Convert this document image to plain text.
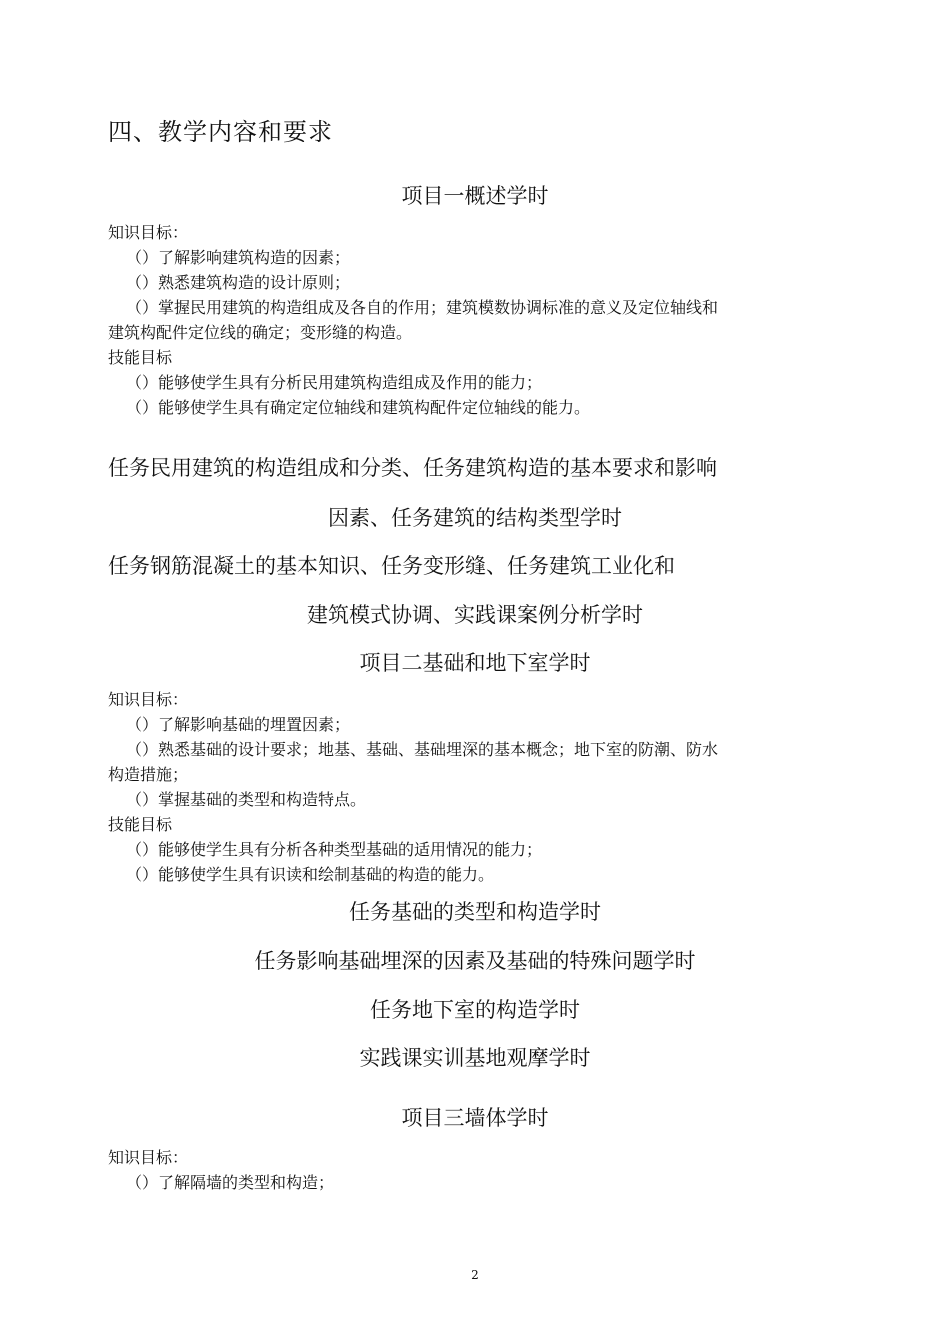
四、教学内容和要求
项目一概述学时
知识目标：
（）了解影响建筑构造的因素；
（）熟悉建筑构造的设计原则；
（）掌握民用建筑的构造组成及各自的作用；建筑模数协调标准的意义及定位轴线和
建筑构配件定位线的确定；变形缝的构造。
技能目标
（）能够使学生具有分析民用建筑构造组成及作用的能力；
（）能够使学生具有确定定位轴线和建筑构配件定位轴线的能力。
任务民用建筑的构造组成和分类、任务建筑构造的基本要求和影响
因素、任务建筑的结构类型学时
任务钢筋混凝土的基本知识、任务变形缝、任务建筑工业化和
建筑模式协调、实践课案例分析学时
项目二基础和地下室学时
知识目标：
（）了解影响基础的埋置因素；
（）熟悉基础的设计要求；地基、基础、基础埋深的基本概念；地下室的防潮、防水
构造措施；
（）掌握基础的类型和构造特点。
技能目标
（）能够使学生具有分析各种类型基础的适用情况的能力；
（）能够使学生具有识读和绘制基础的构造的能力。
任务基础的类型和构造学时
任务影响基础埋深的因素及基础的特殊问题学时
任务地下室的构造学时
实践课实训基地观摩学时
项目三墙体学时
知识目标：
（）了解隔墙的类型和构造；
2
